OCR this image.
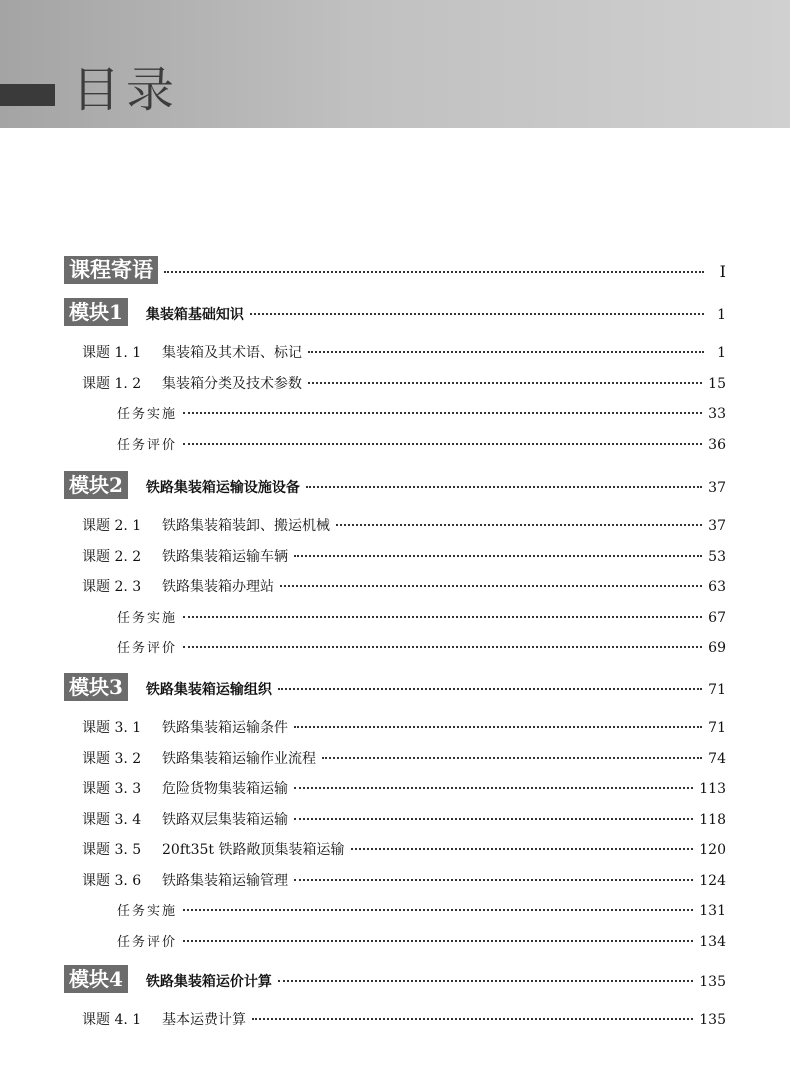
目录
课程寄语	I
模块1	集装箱基础知识	1
课题 1. 1	集装箱及其术语、标记	1
课题 1. 2	集装箱分类及技术参数	15
任务实施	33
任务评价	36
模块2	铁路集装箱运输设施设备	37
课题 2. 1	铁路集装箱装卸、搬运机械	37
课题 2. 2	铁路集装箱运输车辆	53
课题 2. 3	铁路集装箱办理站	63
任务实施	67
任务评价	69
模块3	铁路集装箱运输组织	71
课题 3. 1	铁路集装箱运输条件	71
课题 3. 2	铁路集装箱运输作业流程	74
课题 3. 3	危险货物集装箱运输	113
课题 3. 4	铁路双层集装箱运输	118
课题 3. 5	20ft35t 铁路敞顶集装箱运输	120
课题 3. 6	铁路集装箱运输管理	124
任务实施	131
任务评价	134
模块4	铁路集装箱运价计算	135
课题 4. 1	基本运费计算	135
